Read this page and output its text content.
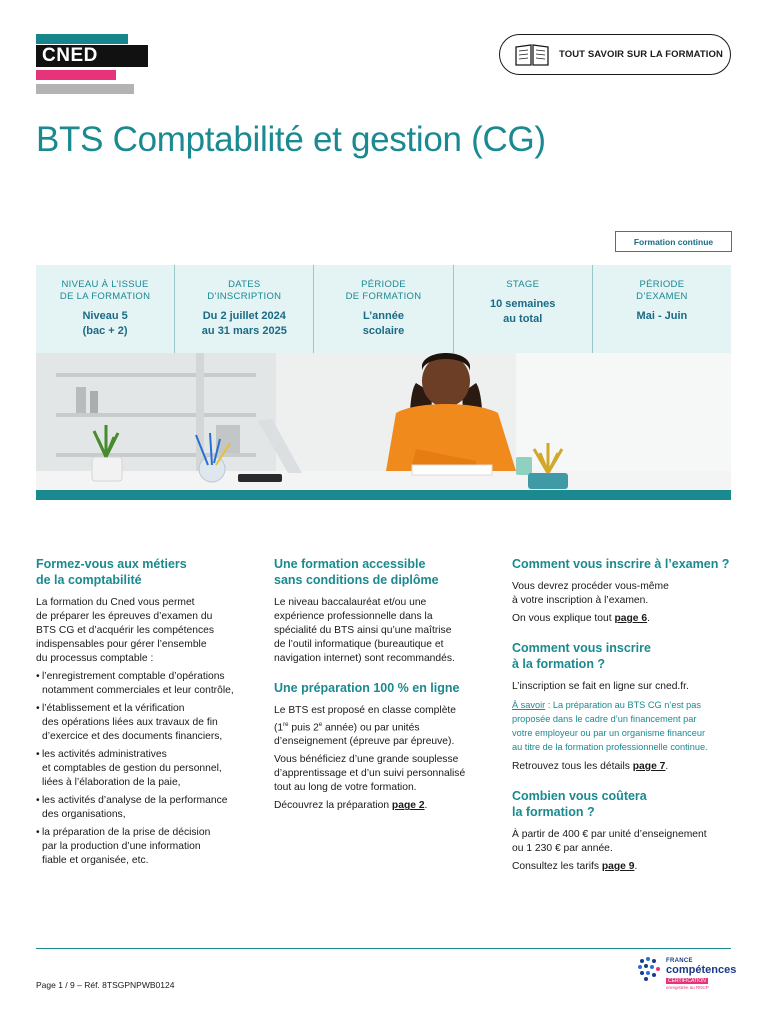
CNED	TOUT SAVOIR SUR LA FORMATION
BTS Comptabilité et gestion (CG)
Formation continue
NIVEAU À L’ISSUE
DE LA FORMATION
Niveau 5
(bac + 2)
DATES
D’INSCRIPTION
Du 2 juillet 2024
au 31 mars 2025
PÉRIODE
DE FORMATION
L’année
scolaire
STAGE
10 semaines
au total
PÉRIODE
D’EXAMEN
Mai - Juin
Formez-vous aux métiers
de la comptabilité

La formation du Cned vous permet
de préparer les épreuves d’examen du
BTS CG et d’acquérir les compétences
indispensables pour gérer l’ensemble
du processus comptable :

• l’enregistrement comptable d’opérations
notamment commerciales et leur contrôle,
• l’établissement et la vérification
des opérations liées aux travaux de fin
d’exercice et des documents financiers,
• les activités administratives
et comptables de gestion du personnel,
liées à l’élaboration de la paie,
• les activités d’analyse de la performance
des organisations,
• la préparation de la prise de décision
par la production d’une information
fiable et organisée, etc.
Une formation accessible
sans conditions de diplôme

Le niveau baccalauréat et/ou une
expérience professionnelle dans la
spécialité du BTS ainsi qu’une maîtrise
de l’outil informatique (bureautique et
navigation internet) sont recommandés.

Une préparation 100 % en ligne

Le BTS est proposé en classe complète
(1re puis 2e année) ou par unités
d’enseignement (épreuve par épreuve).

Vous bénéficiez d’une grande souplesse
d’apprentissage et d’un suivi personnalisé
tout au long de votre formation.

Découvrez la préparation page 2.

Comment vous inscrire à l’examen ?

Vous devrez procéder vous-même
à votre inscription à l’examen.

On vous explique tout page 6.

Comment vous inscrire
à la formation ?

L’inscription se fait en ligne sur cned.fr.

À savoir : La préparation au BTS CG n’est pas
proposée dans le cadre d’un financement par
votre employeur ou par un organisme financeur
au titre de la formation professionnelle continue.

Retrouvez tous les détails page 7.

Combien vous coûtera
la formation ?

À partir de 400 € par unité d’enseignement
ou 1 230 € par année.

Consultez les tarifs page 9.

Page 1 / 9 – Réf. 8TSGPNPWB0124
FRANCE
compétences
CERTIFICATION
enregistrée au RNCP
